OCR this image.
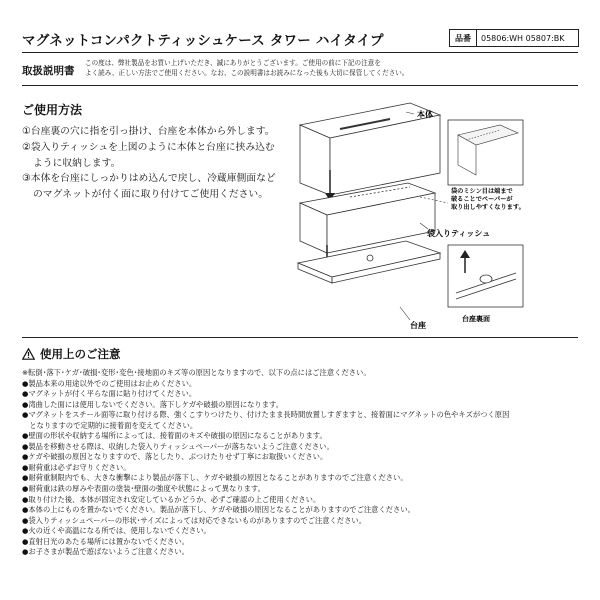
マグネットコンパクトティッシュケース タワー ハイタイプ	品番	05806:WH 05807:BK
取扱説明書
この度は、弊社製品をお買い上げいただき、誠にありがとうございます。ご使用の前に下記の注意を
よく読み、正しい方法でご使用ください。なお、この説明書はお読みになった後も大切に保管してください。
ご使用方法

①台座裏の穴に指を引っ掛け、台座を本体から外します。

②袋入りティッシュを上図のように本体と台座に挟み込む

ように収納します。

③本体を台座にしっかりはめ込んで戻し、冷蔵庫側面など

のマグネットが付く面に取り付けてご使用ください。

本体
袋入りティッシュ
台座
袋のミシン目は端まで
破ることでペーパーが
取り出しやすくなります。
台座裏面
使用上のご注意
※転倒･落下･ケガ･破損･変形･変色･接地面のキズ等の原因となりますので、以下の点にはご注意ください。
●製品本来の用途以外でのご使用はお止めください。
●マグネットが付く平らな面に貼り付けてください。
●湾曲した面には使用しないでください。落下しケガや破損の原因になります。
●マグネットをスチール面等に取り付ける際、強くこすりつけたり、付けたまま長時間放置しすぎますと、接着面にマグネットの色やキズがつく原因
　となりますので定期的に接着面を変えてください。
●壁面の形状や収納する場所によっては、接着面のキズや破損の原因になることがあります。
●製品を移動させる際は、収納した袋入りティッシュペーパーが落ちないようご注意ください。
●ケガや破損の原因となりますので、落としたり、ぶつけたりせず丁寧にお取扱いください。
●耐荷重は必ずお守りください。
●耐荷重制限内でも、大きな衝撃により製品が落下し、ケガや破損の原因となることがありますのでご注意ください。
●耐荷重は鉄の厚みや表面の塗装･壁面の強度や状態によって異なります。
●取り付けた後、本体が固定され安定しているかどうか、必ずご確認の上ご使用ください。
●本体の上にものを置かないでください。製品が落下し、ケガや破損の原因となることがありますのでご注意ください。
●袋入りティッシュペーパーの形状･サイズによっては対応できないものがありますのでご注意ください。
●火の近くや高温になる所では、使用しないでください。
●直射日光のあたる場所には置かないでください。
●お子さまが製品で遊ばないようご注意ください。
